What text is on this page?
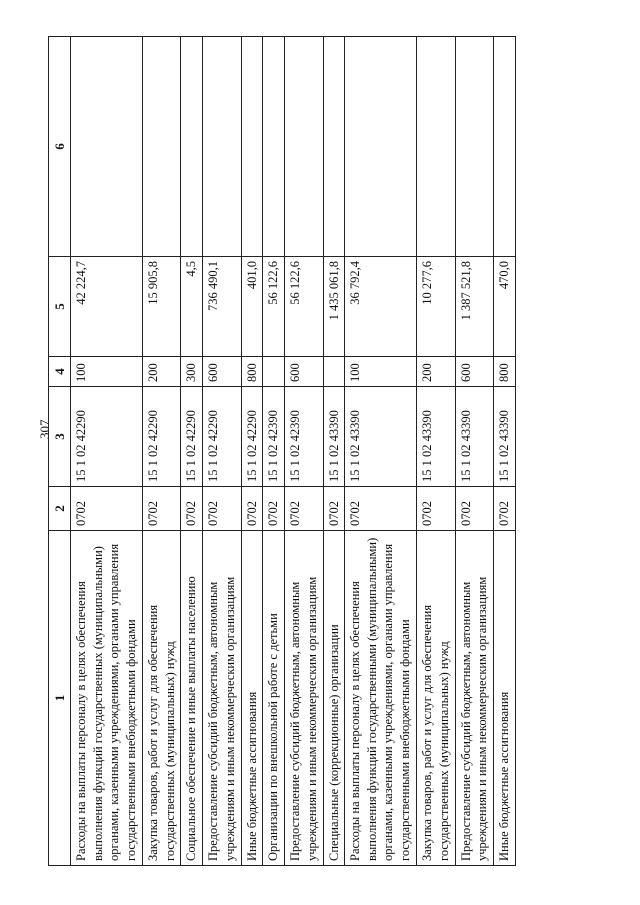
307
1	2	3	4	5	6
Расходы на выплаты персоналу в целях обеспечения выполнения функций государственных (муниципальными) органами, казенными учреждениями, органами управления государственными внебюджетными фондами	0702	15 1 02 42290	100	42 224,7	
Закупка товаров, работ и услуг для обеспечения государственных (муниципальных) нужд	0702	15 1 02 42290	200	15 905,8	
Социальное обеспечение и иные выплаты населению	0702	15 1 02 42290	300	4,5	
Предоставление субсидий бюджетным, автономным учреждениям и иным некоммерческим организациям	0702	15 1 02 42290	600	736 490,1	
Иные бюджетные ассигнования	0702	15 1 02 42290	800	401,0	
Организации по внешкольной работе с детьми	0702	15 1 02 42390		56 122,6	
Предоставление субсидий бюджетным, автономным учреждениям и иным некоммерческим организациям	0702	15 1 02 42390	600	56 122,6	
Специальные (коррекционные) организации	0702	15 1 02 43390		1 435 061,8	
Расходы на выплаты персоналу в целях обеспечения выполнения функций государственными (муниципальными) органами, казенными учреждениями, органами управления государственными внебюджетными фондами	0702	15 1 02 43390	100	36 792,4	
Закупка товаров, работ и услуг для обеспечения государственных (муниципальных) нужд	0702	15 1 02 43390	200	10 277,6	
Предоставление субсидий бюджетным, автономным учреждениям и иным некоммерческим организациям	0702	15 1 02 43390	600	1 387 521,8	
Иные бюджетные ассигнования	0702	15 1 02 43390	800	470,0	
